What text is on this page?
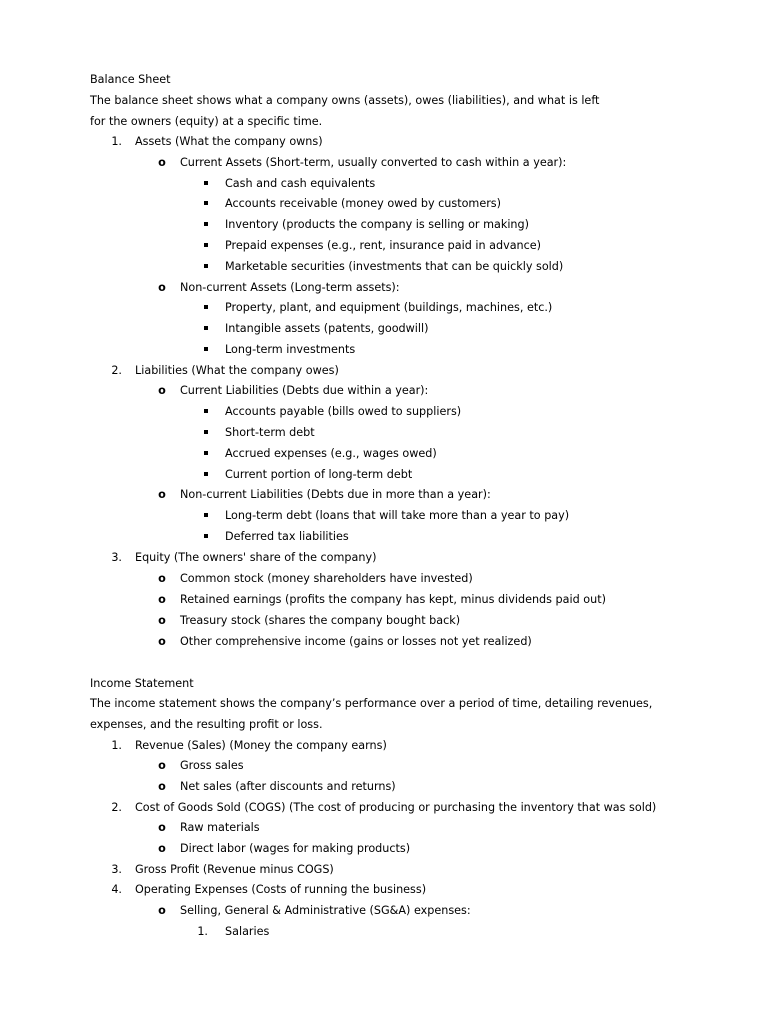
Balance Sheet
The balance sheet shows what a company owns (assets), owes (liabilities), and what is left
for the owners (equity) at a specific time.
1. Assets (What the company owns)
o Current Assets (Short-term, usually converted to cash within a year):
Cash and cash equivalents
Accounts receivable (money owed by customers)
Inventory (products the company is selling or making)
Prepaid expenses (e.g., rent, insurance paid in advance)
Marketable securities (investments that can be quickly sold)
o Non-current Assets (Long-term assets):
Property, plant, and equipment (buildings, machines, etc.)
Intangible assets (patents, goodwill)
Long-term investments
2. Liabilities (What the company owes)
o Current Liabilities (Debts due within a year):
Accounts payable (bills owed to suppliers)
Short-term debt
Accrued expenses (e.g., wages owed)
Current portion of long-term debt
o Non-current Liabilities (Debts due in more than a year):
Long-term debt (loans that will take more than a year to pay)
Deferred tax liabilities
3. Equity (The owners' share of the company)
o Common stock (money shareholders have invested)
o Retained earnings (profits the company has kept, minus dividends paid out)
o Treasury stock (shares the company bought back)
o Other comprehensive income (gains or losses not yet realized)
Income Statement
The income statement shows the company’s performance over a period of time, detailing revenues,
expenses, and the resulting profit or loss.
1. Revenue (Sales) (Money the company earns)
o Gross sales
o Net sales (after discounts and returns)
2. Cost of Goods Sold (COGS) (The cost of producing or purchasing the inventory that was sold)
o Raw materials
o Direct labor (wages for making products)
3. Gross Profit (Revenue minus COGS)
4. Operating Expenses (Costs of running the business)
o Selling, General & Administrative (SG&A) expenses:
1. Salaries
